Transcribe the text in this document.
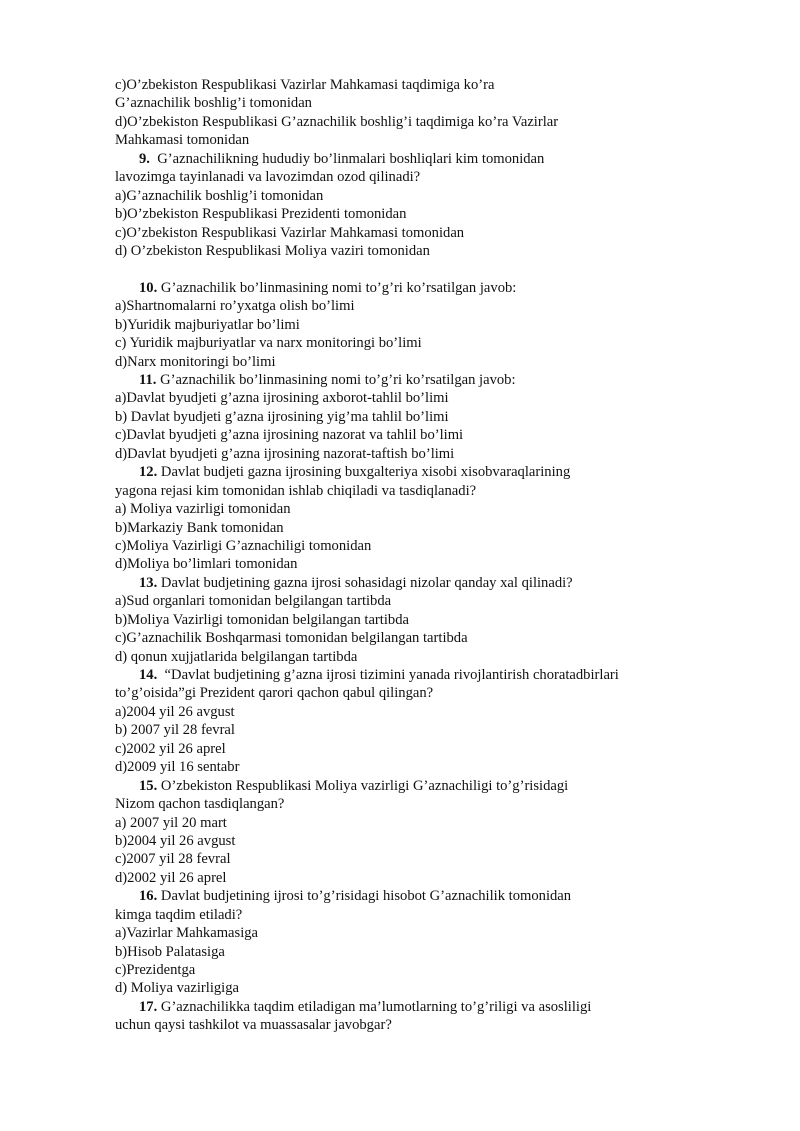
c)O’zbekiston Respublikasi Vazirlar Mahkamasi taqdimiga ko’ra
G’aznachilik boshlig’i tomonidan
d)O’zbekiston Respublikasi G’aznachilik boshlig’i taqdimiga ko’ra Vazirlar
Mahkamasi tomonidan
9.  G’aznachilikning hududiy bo’linmalari boshliqlari kim tomonidan
lavozimga tayinlanadi va lavozimdan ozod qilinadi?
a)G’aznachilik boshlig’i tomonidan
b)O’zbekiston Respublikasi Prezidenti tomonidan
c)O’zbekiston Respublikasi Vazirlar Mahkamasi tomonidan
d) O’zbekiston Respublikasi Moliya vaziri tomonidan
10. G’aznachilik bo’linmasining nomi to’g’ri ko’rsatilgan javob:
a)Shartnomalarni ro’yxatga olish bo’limi
b)Yuridik majburiyatlar bo’limi
c) Yuridik majburiyatlar va narx monitoringi bo’limi
d)Narx monitoringi bo’limi
11. G’aznachilik bo’linmasining nomi to’g’ri ko’rsatilgan javob:
a)Davlat byudjeti g’azna ijrosining axborot-tahlil bo’limi
b) Davlat byudjeti g’azna ijrosining yig’ma tahlil bo’limi
c)Davlat byudjeti g’azna ijrosining nazorat va tahlil bo’limi
d)Davlat byudjeti g’azna ijrosining nazorat-taftish bo’limi
12. Davlat budjeti gazna ijrosining buxgalteriya xisobi xisobvaraqlarining
yagona rejasi kim tomonidan ishlab chiqiladi va tasdiqlanadi?
a) Moliya vazirligi tomonidan
b)Markaziy Bank tomonidan
c)Moliya Vazirligi G’aznachiligi tomonidan
d)Moliya bo’limlari tomonidan
13. Davlat budjetining gazna ijrosi sohasidagi nizolar qanday xal qilinadi?
a)Sud organlari tomonidan belgilangan tartibda
b)Moliya Vazirligi tomonidan belgilangan tartibda
c)G’aznachilik Boshqarmasi tomonidan belgilangan tartibda
d) qonun xujjatlarida belgilangan tartibda
14.  “Davlat budjetining g’azna ijrosi tizimini yanada rivojlantirish choratadbirlari
to’g’oisida”gi Prezident qarori qachon qabul qilingan?
a)2004 yil 26 avgust
b) 2007 yil 28 fevral
c)2002 yil 26 aprel
d)2009 yil 16 sentabr
15. O’zbekiston Respublikasi Moliya vazirligi G’aznachiligi to’g’risidagi
Nizom qachon tasdiqlangan?
a) 2007 yil 20 mart
b)2004 yil 26 avgust
c)2007 yil 28 fevral
d)2002 yil 26 aprel
16. Davlat budjetining ijrosi to’g’risidagi hisobot G’aznachilik tomonidan
kimga taqdim etiladi?
a)Vazirlar Mahkamasiga
b)Hisob Palatasiga
c)Prezidentga
d) Moliya vazirligiga
17. G’aznachilikka taqdim etiladigan ma’lumotlarning to’g’riligi va asosliligi
uchun qaysi tashkilot va muassasalar javobgar?
